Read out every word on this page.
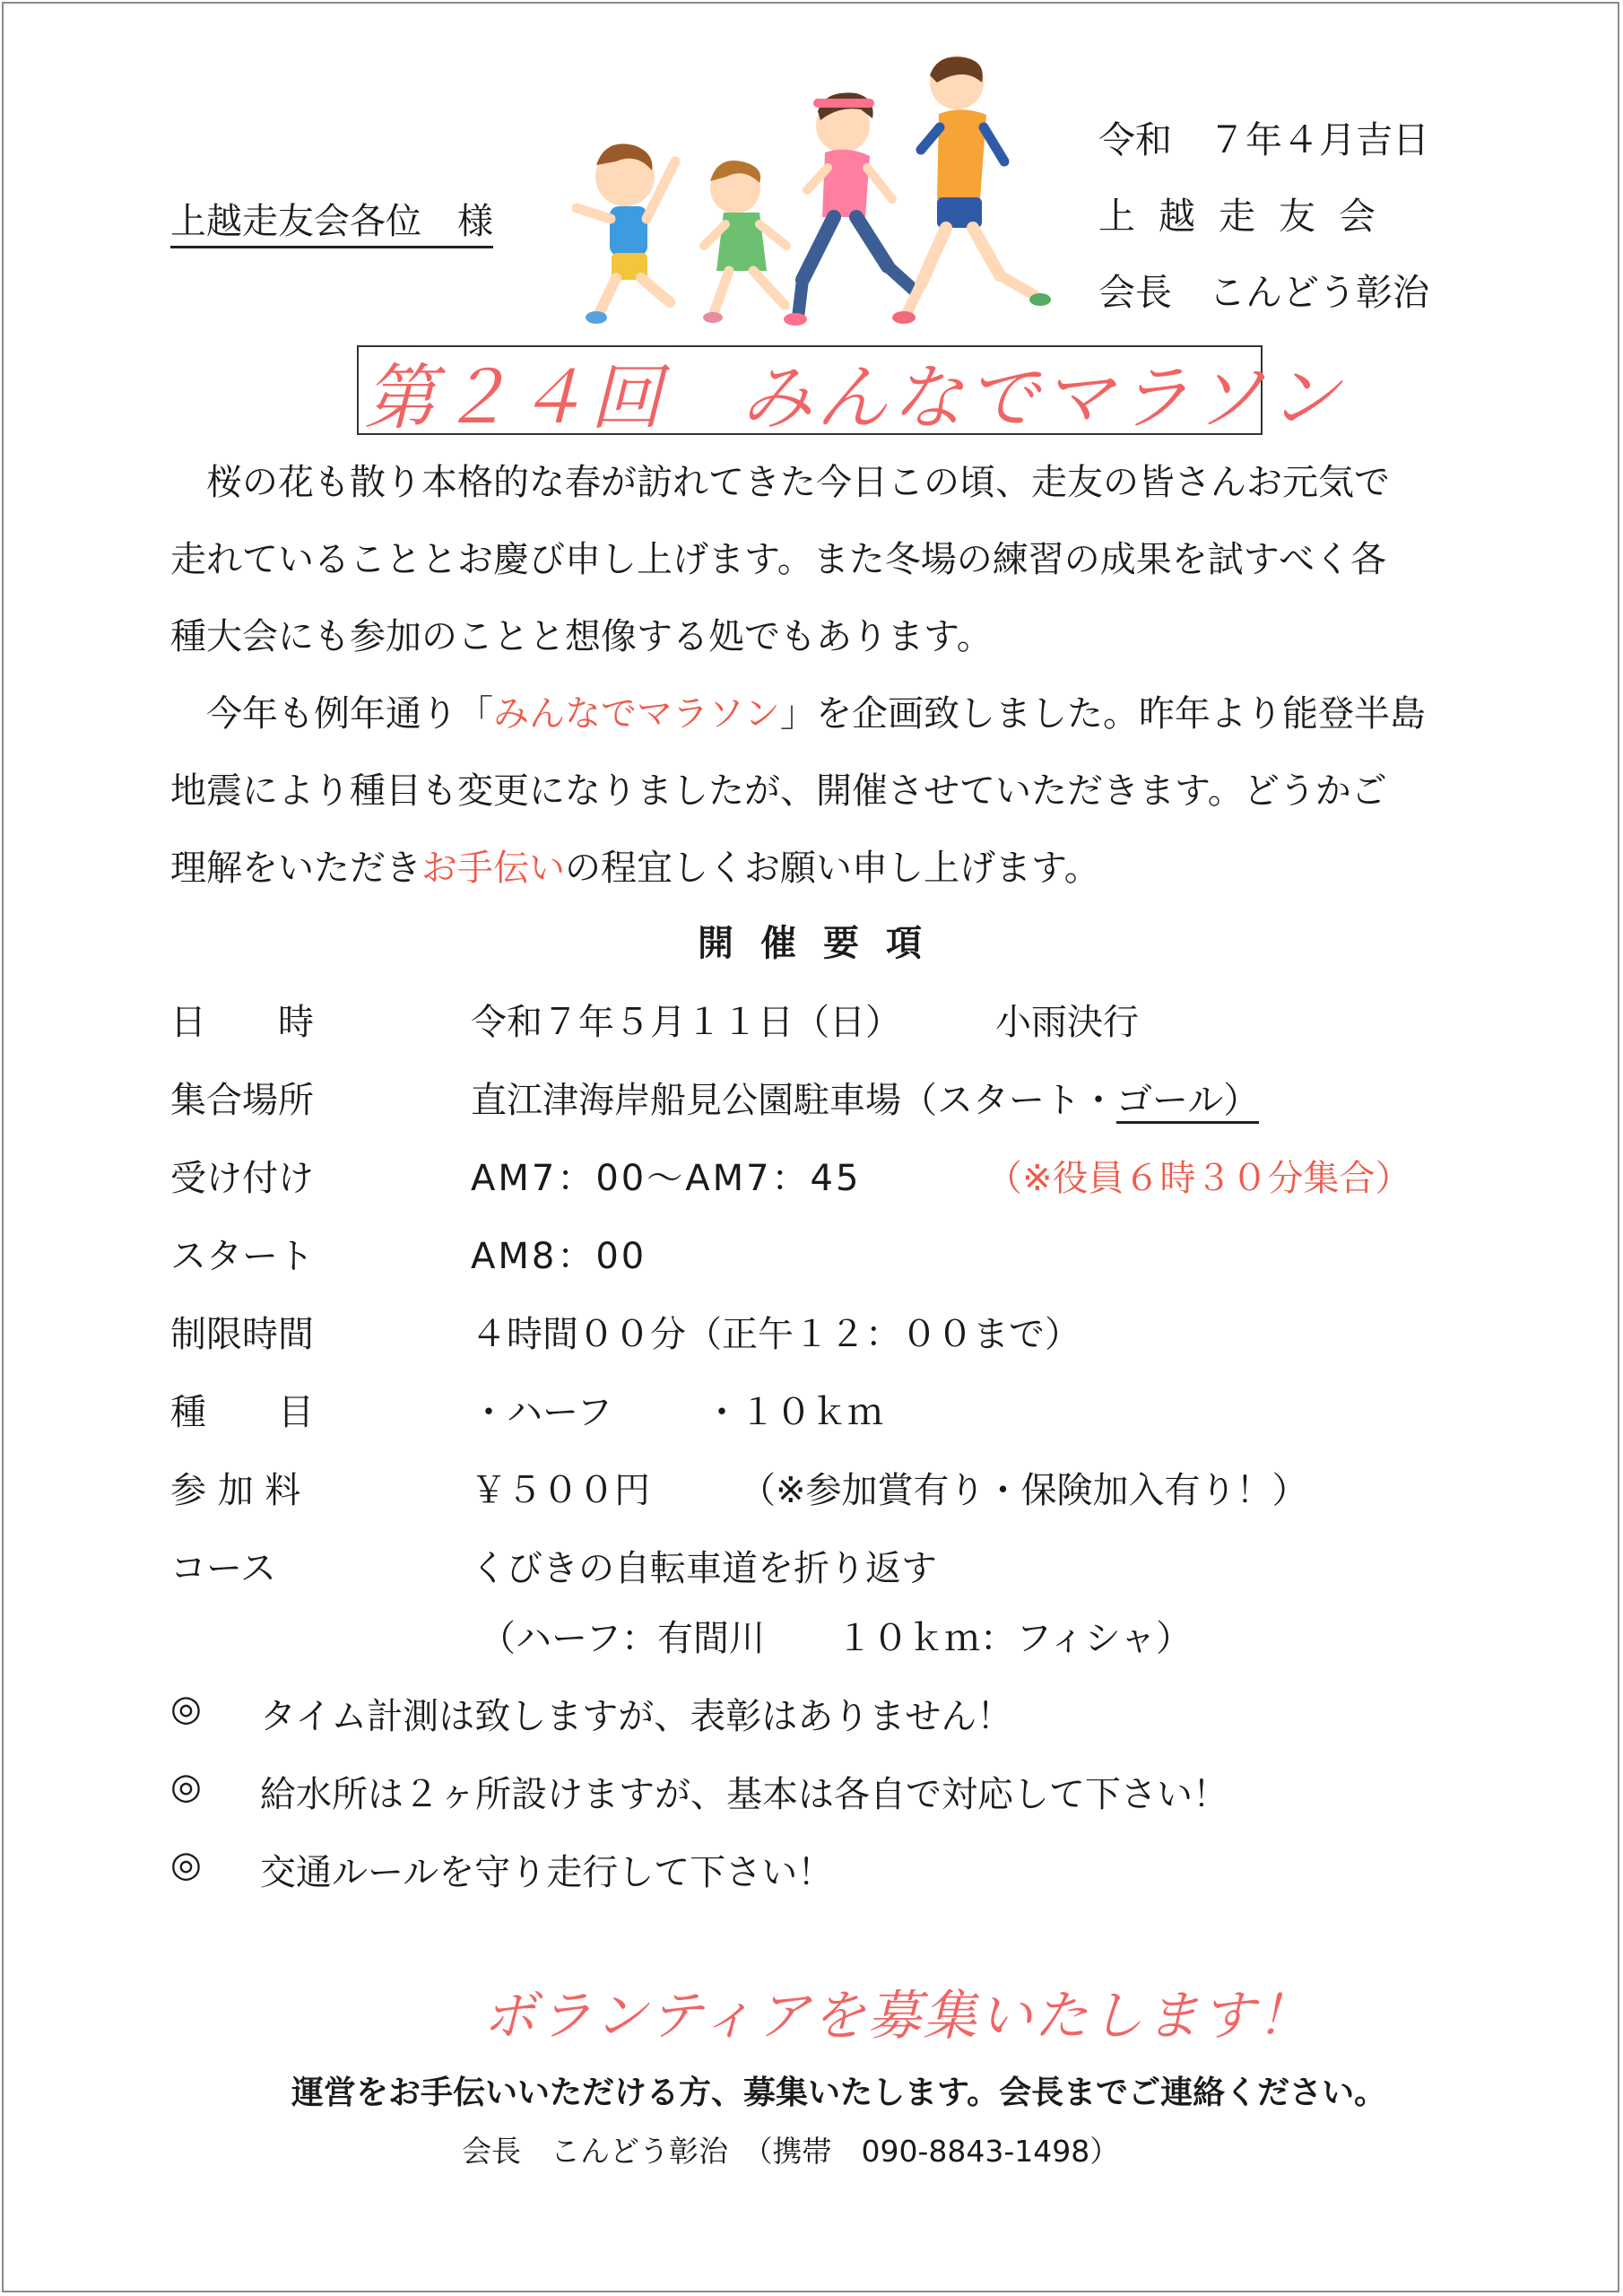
上越走友会各位　様
令和　７年４月吉日
上越走友会
会長　こんどう彰治
第２４回　みんなでマラソン
桜の花も散り本格的な春が訪れてきた今日この頃、走友の皆さんお元気で
走れていることとお慶び申し上げます。また冬場の練習の成果を試すべく各
種大会にも参加のことと想像する処でもあります。
今年も例年通り「みんなでマラソン」を企画致しました。昨年より能登半島
地震により種目も変更になりましたが、開催させていただきます。どうかご
理解をいただきお手伝いの程宜しくお願い申し上げます。
開催要項
日　　時	令和７年５月１１日（日）	小雨決行
集合場所	直江津海岸船見公園駐車場（スタート・ゴール）
受け付け	AM7：00～AM7：45	（※役員６時３０分集合）
スタート	AM8：00
制限時間	４時間００分（正午１２：００まで）
種　　目	・ハーフ	・１０ｋｍ
参 加 料	￥５００円	（※参加賞有り・保険加入有り！）
コース	くびきの自転車道を折り返す
（ハーフ：有間川　　１０ｋｍ：フィシャ）
◎ タイム計測は致しますが、表彰はありません！
◎ 給水所は２ヶ所設けますが、基本は各自で対応して下さい！
◎ 交通ルールを守り走行して下さい！
ボランティアを募集いたします！
運営をお手伝いいただける方、募集いたします。会長までご連絡ください。
会長　こんどう彰治　（携帯　090-8843-1498）
